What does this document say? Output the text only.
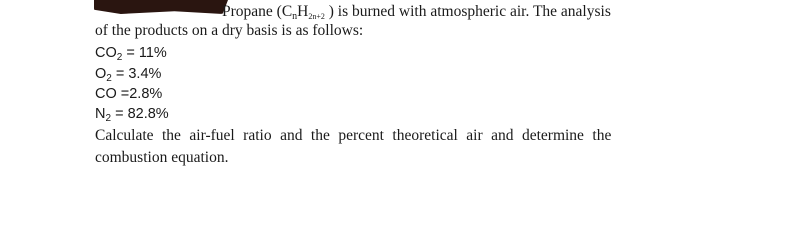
Propane ($C_nH_{2n+2}$ ) is burned with atmospheric air. The analysis
of the products on a dry basis is as follows:
$CO_2 = 11\%$
$O_2 = 3.4\%$
CO =2.8%
$N_2 = 82.8\%$
Calculate the air-fuel ratio and the percent theoretical air and determine the
combustion equation.
